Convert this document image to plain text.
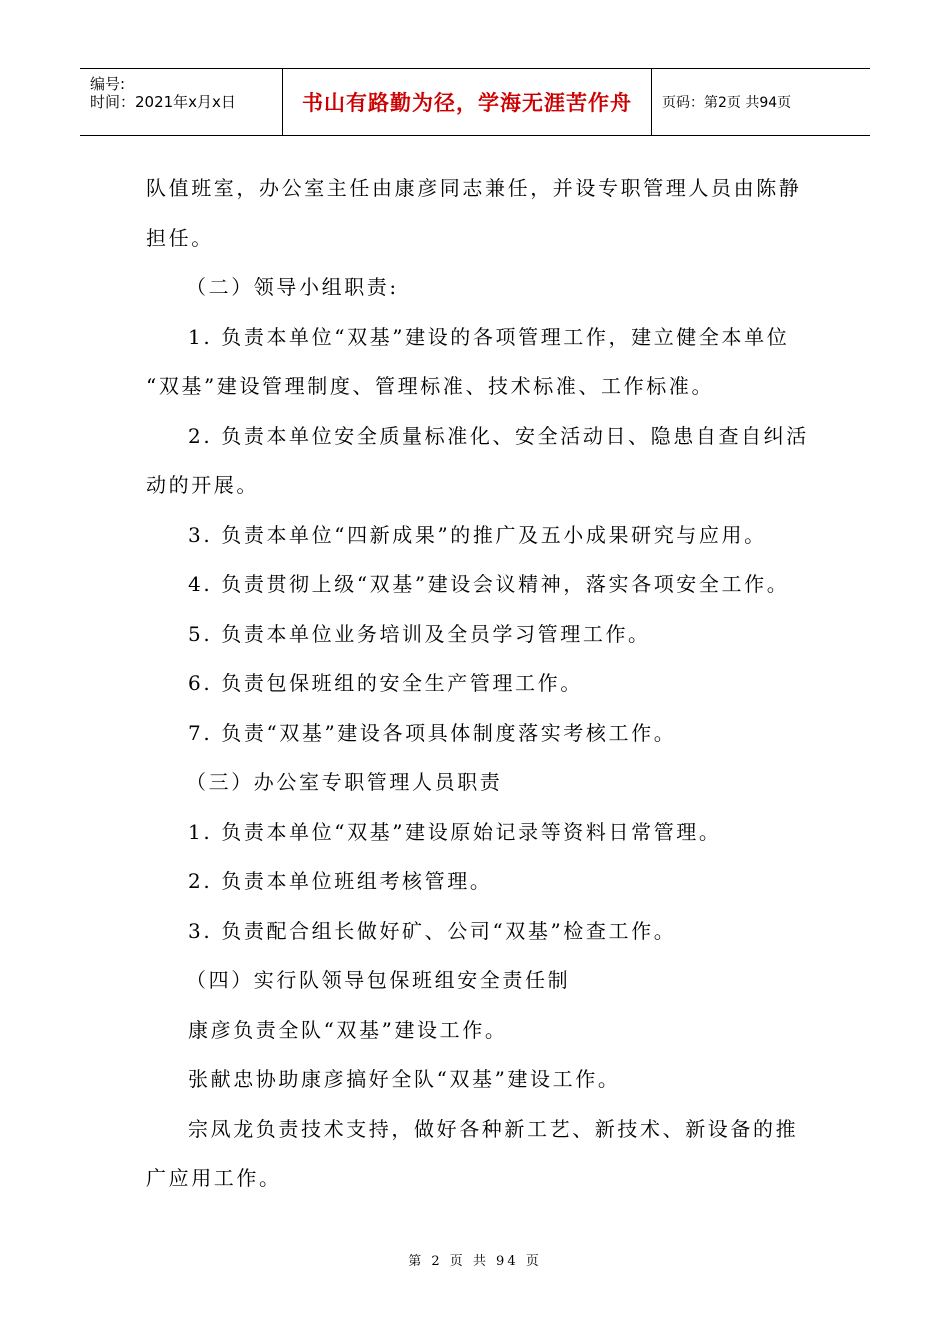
编号:
时间：2021年x月x日	书山有路勤为径，学海无涯苦作舟	页码：第2页 共94页
队值班室，办公室主任由康彦同志兼任，并设专职管理人员由陈静
担任。
（二）领导小组职责:
1. 负责本单位“双基”建设的各项管理工作，建立健全本单位
“双基”建设管理制度、管理标准、技术标准、工作标准。
2. 负责本单位安全质量标准化、安全活动日、隐患自查自纠活
动的开展。
3. 负责本单位“四新成果”的推广及五小成果研究与应用。
4. 负责贯彻上级“双基”建设会议精神，落实各项安全工作。
5. 负责本单位业务培训及全员学习管理工作。
6. 负责包保班组的安全生产管理工作。
7. 负责“双基”建设各项具体制度落实考核工作。
（三）办公室专职管理人员职责
1. 负责本单位“双基”建设原始记录等资料日常管理。
2. 负责本单位班组考核管理。
3. 负责配合组长做好矿、公司“双基”检查工作。
（四）实行队领导包保班组安全责任制
康彦负责全队“双基”建设工作。
张献忠协助康彦搞好全队“双基”建设工作。
宗凤龙负责技术支持，做好各种新工艺、新技术、新设备的推
广应用工作。
第 2 页 共 94 页
